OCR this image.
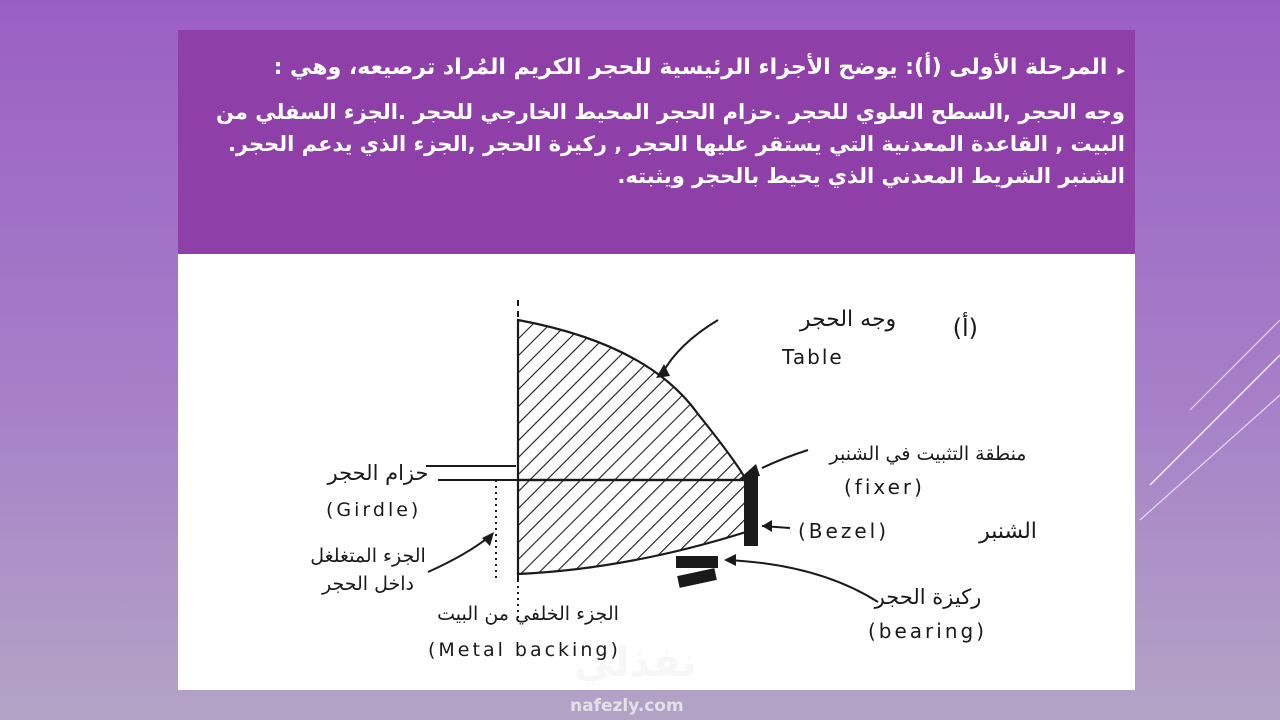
▸

المرحلة الأولى (أ): يوضح الأجزاء الرئيسية للحجر الكريم المُراد ترصيعه، وهي :

وجه الحجر ,السطح العلوي للحجر .حزام الحجر المحيط الخارجي للحجر .الجزء السفلي من البيت , القاعدة المعدنية التي يستقر عليها الحجر , ركيزة الحجر ,الجزء الذي يدعم الحجر. الشنبر الشريط المعدني الذي يحيط بالحجر ويثبته.

(أ)
وجه الحجر
Table
منطقة التثبيت في الشنبر
(fixer)
حزام الحجر
(Girdle)
الشنبر
(Bezel)
الجزء المتغلغل
داخل الحجر
الجزء الخلفي من البيت
(Metal backing)
ركيزة الحجر
(bearing)
نفذلي
nafezly.com
